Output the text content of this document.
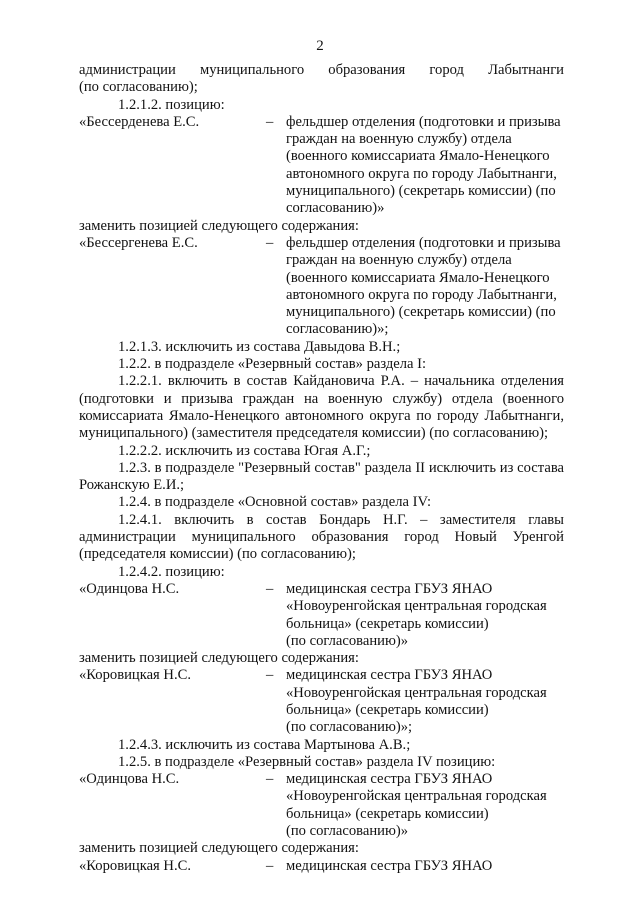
2

администрации муниципального образования город Лабытнанги

(по согласованию);

1.2.1.2. позицию:

«Бессерденева Е.С.	– фельдшер отделения (подготовки и призыва граждан на военную службу) отдела (военного комиссариата Ямало-Ненецкого автономного округа по городу Лабытнанги, муниципального) (секретарь комиссии) (по согласованию)»

заменить позицией следующего содержания:

«Бессергенева Е.С.	– фельдшер отделения (подготовки и призыва граждан на военную службу) отдела (военного комиссариата Ямало-Ненецкого автономного округа по городу Лабытнанги, муниципального) (секретарь комиссии) (по согласованию)»;

1.2.1.3. исключить из состава Давыдова В.Н.;

1.2.2. в подразделе «Резервный состав» раздела I:

1.2.2.1. включить в состав Кайдановича Р.А. – начальника отделения (подготовки и призыва граждан на военную службу) отдела (военного комиссариата Ямало-Ненецкого автономного округа по городу Лабытнанги, муниципального) (заместителя председателя комиссии) (по согласованию);

1.2.2.2. исключить из состава Югая А.Г.;

1.2.3. в подразделе "Резервный состав" раздела II исключить из состава Рожанскую Е.И.;

1.2.4. в подразделе «Основной состав» раздела IV:

1.2.4.1. включить в состав Бондарь Н.Г. – заместителя главы администрации муниципального образования город Новый Уренгой (председателя комиссии) (по согласованию);

1.2.4.2. позицию:

«Одинцова Н.С.	– медицинская сестра ГБУЗ ЯНАО
«Новоуренгойская центральная городская
больница» (секретарь комиссии)
(по согласованию)»

заменить позицией следующего содержания:

«Коровицкая Н.С.	– медицинская сестра ГБУЗ ЯНАО
«Новоуренгойская центральная городская
больница» (секретарь комиссии)
(по согласованию)»;

1.2.4.3. исключить из состава Мартынова А.В.;

1.2.5. в подразделе «Резервный состав» раздела IV позицию:

«Одинцова Н.С.	– медицинская сестра ГБУЗ ЯНАО
«Новоуренгойская центральная городская
больница» (секретарь комиссии)
(по согласованию)»

заменить позицией следующего содержания:

«Коровицкая Н.С.	– медицинская сестра ГБУЗ ЯНАО
